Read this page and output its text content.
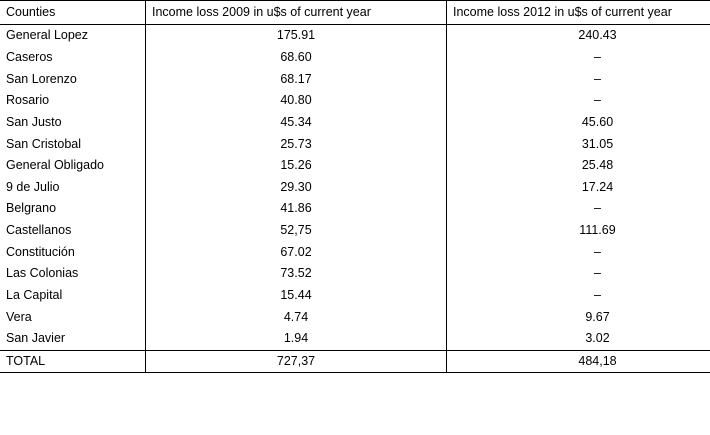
Counties	Income loss 2009 in u$s of current year	Income loss 2012 in u$s of current year
General Lopez	175.91	240.43
Caseros	68.60	–
San Lorenzo	68.17	–
Rosario	40.80	–
San Justo	45.34	45.60
San Cristobal	25.73	31.05
General Obligado	15.26	25.48
9 de Julio	29.30	17.24
Belgrano	41.86	–
Castellanos	52,75	111.69
Constitución	67.02	–
Las Colonias	73.52	–
La Capital	15.44	–
Vera	4.74	9.67
San Javier	1.94	3.02
TOTAL	727,37	484,18
